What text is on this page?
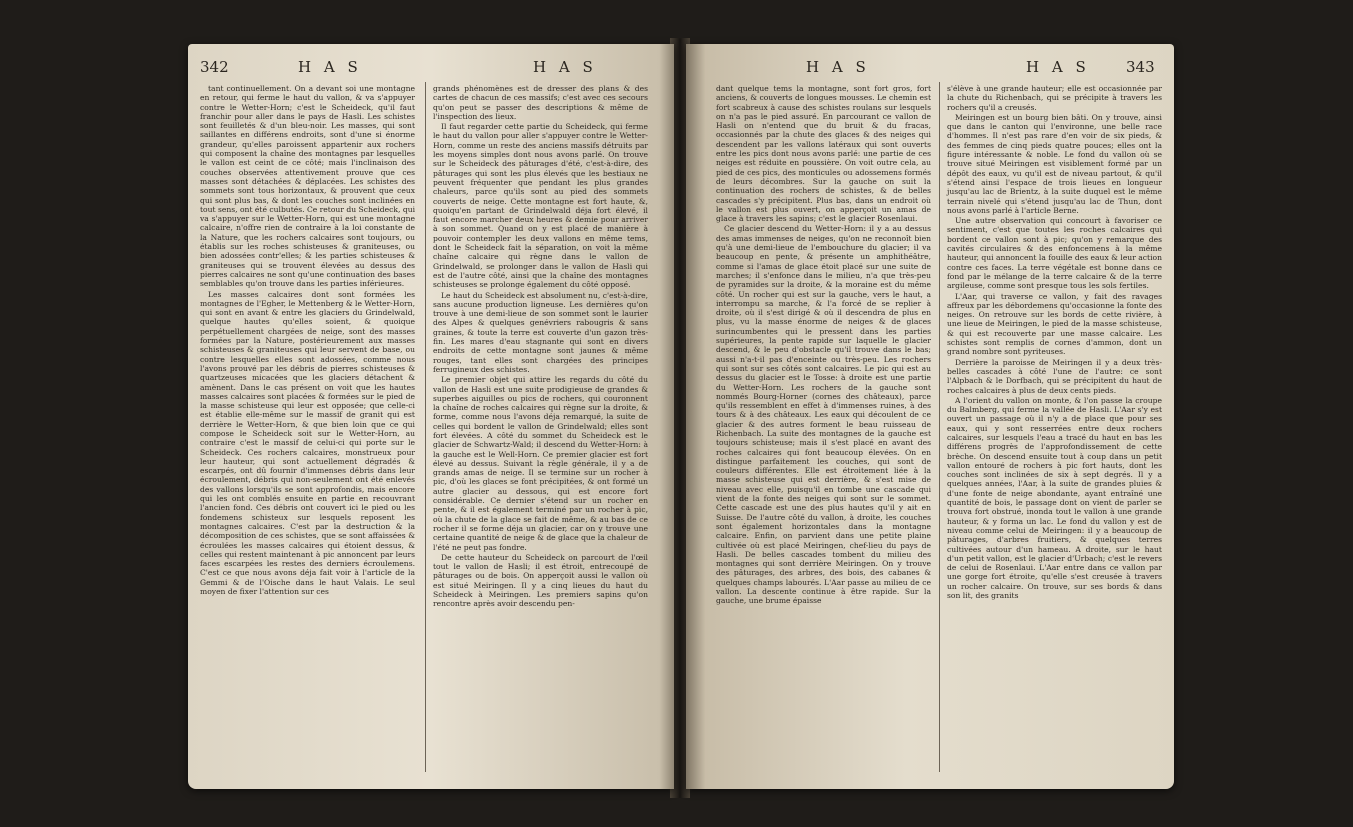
342	H A S	H A S

tant continuellement. On a devant soi une montagne en retour, qui ferme le haut du vallon, & va s'appuyer contre le Wetter-Horn; c'est le Scheideck, qu'il faut franchir pour aller dans le pays de Hasli. Les schistes sont feuilletés & d'un bleu-noir. Les masses, qui sont saillantes en différens endroits, sont d'une si énorme grandeur, qu'elles paroissent appartenir aux rochers qui composent la chaîne des montagnes par lesquelles le vallon est ceint de ce côté; mais l'inclinaison des couches observées attentivement prouve que ces masses sont détachées & déplacées. Les schistes des sommets sont tous horizontaux, & prouvent que ceux qui sont plus bas, & dont les couches sont inclinées en tout sens, ont été culbutés. Ce retour du Scheideck, qui va s'appuyer sur le Wetter-Horn, qui est une montagne calcaire, n'offre rien de contraire à la loi constante de la Nature, que les rochers calcaires sont toujours, ou établis sur les roches schisteuses & graniteuses, ou bien adossées contr'elles; & les parties schisteuses & graniteuses qui se trouvent élevées au dessus des pierres calcaires ne sont qu'une continuation des bases semblables qu'on trouve dans les parties inférieures.

Les masses calcaires dont sont formées les montagnes de l'Egher, le Mettenberg & le Wetter-Horn, qui sont en avant & entre les glaciers du Grindelwald, quelque hautes qu'elles soient, & quoique perpétuellement chargées de neige, sont des masses formées par la Nature, postérieurement aux masses schisteuses & graniteuses qui leur servent de base, ou contre lesquelles elles sont adossées, comme nous l'avons prouvé par les débris de pierres schisteuses & quartzeuses micacées que les glaciers détachent & amènent. Dans le cas présent on voit que les hautes masses calcaires sont placées & formées sur le pied de la masse schisteuse qui leur est opposée; que celle-ci est établie elle-même sur le massif de granit qui est derrière le Wetter-Horn, & que bien loin que ce qui compose le Scheideck soit sur le Wetter-Horn, au contraire c'est le massif de celui-ci qui porte sur le Scheideck. Ces rochers calcaires, monstrueux pour leur hauteur, qui sont actuellement dégradés & escarpés, ont dû fournir d'immenses débris dans leur écroulement, débris qui non-seulement ont été enlevés des vallons lorsqu'ils se sont approfondis, mais encore qui les ont comblés ensuite en partie en recouvrant l'ancien fond. Ces débris ont couvert ici le pied ou les fondemens schisteux sur lesquels reposent les montagnes calcaires. C'est par la destruction & la décomposition de ces schistes, que se sont affaissées & écroulées les masses calcaires qui étoient dessus, & celles qui restent maintenant à pic annoncent par leurs faces escarpées les restes des derniers écroulemens. C'est ce que nous avons déja fait voir à l'article de la Gemmi & de l'Oische dans le haut Valais. Le seul moyen de fixer l'attention sur ces

grands phénomènes est de dresser des plans & des cartes de chacun de ces massifs; c'est avec ces secours qu'on peut se passer des descriptions & même de l'inspection des lieux.

Il faut regarder cette partie du Scheideck, qui ferme le haut du vallon pour aller s'appuyer contre le Wetter-Horn, comme un reste des anciens massifs détruits par les moyens simples dont nous avons parlé. On trouve sur le Scheideck des pâturages d'été, c'est-à-dire, des pâturages qui sont les plus élevés que les bestiaux ne peuvent fréquenter que pendant les plus grandes chaleurs, parce qu'ils sont au pied des sommets couverts de neige. Cette montagne est fort haute, &, quoiqu'en partant de Grindelwald déja fort élevé, il faut encore marcher deux heures & demie pour arriver à son sommet. Quand on y est placé de manière à pouvoir contempler les deux vallons en même tems, dont le Scheideck fait la séparation, on voit la même chaîne calcaire qui règne dans le vallon de Grindelwald, se prolonger dans le vallon de Hasli qui est de l'autre côté, ainsi que la chaîne des montagnes schisteuses se prolonge également du côté opposé.

Le haut du Scheideck est absolument nu, c'est-à-dire, sans aucune production ligneuse. Les dernières qu'on trouve à une demi-lieue de son sommet sont le laurier des Alpes & quelques genévriers rabougris & sans graines, & toute la terre est couverte d'un gazon très-fin. Les mares d'eau stagnante qui sont en divers endroits de cette montagne sont jaunes & même rouges, tant elles sont chargées des principes ferrugineux des schistes.

Le premier objet qui attire les regards du côté du vallon de Hasli est une suite prodigieuse de grandes & superbes aiguilles ou pics de rochers, qui couronnent la chaîne de roches calcaires qui règne sur la droite, & forme, comme nous l'avons déja remarqué, la suite de celles qui bordent le vallon de Grindelwald; elles sont fort élevées. A côté du sommet du Scheideck est le glacier de Schwartz-Wald; il descend du Wetter-Horn: à la gauche est le Well-Horn. Ce premier glacier est fort élevé au dessus. Suivant la règle générale, il y a de grands amas de neige. Il se termine sur un rocher à pic, d'où les glaces se font précipitées, & ont formé un autre glacier au dessous, qui est encore fort considérable. Ce dernier s'étend sur un rocher en pente, & il est également terminé par un rocher à pic, où la chute de la glace se fait de même, & au bas de ce rocher il se forme déja un glacier, car on y trouve une certaine quantité de neige & de glace que la chaleur de l'été ne peut pas fondre.

De cette hauteur du Scheideck on parcourt de l'œil tout le vallon de Hasli; il est étroit, entrecoupé de pâturages ou de bois. On apperçoit aussi le vallon où est situé Meiringen. Il y a cinq lieues du haut du Scheideck à Meiringen. Les premiers sapins qu'on rencontre après avoir descendu pen-

H A S	H A S 343

dant quelque tems la montagne, sont fort gros, fort anciens, & couverts de longues mousses. Le chemin est fort scabreux à cause des schistes roulans sur lesquels on n'a pas le pied assuré. En parcourant ce vallon de Hasli on n'entend que du bruit & du fracas, occasionnés par la chute des glaces & des neiges qui descendent par les vallons latéraux qui sont ouverts entre les pics dont nous avons parlé: une partie de ces neiges est réduite en poussière. On voit outre cela, au pied de ces pics, des monticules ou adossemens formés de leurs décombres. Sur la gauche on suit la continuation des rochers de schistes, & de belles cascades s'y précipitent. Plus bas, dans un endroit où le vallon est plus ouvert, on apperçoit un amas de glace à travers les sapins; c'est le glacier Rosenlaui.

Ce glacier descend du Wetter-Horn: il y a au dessus des amas immenses de neiges, qu'on ne reconnoît bien qu'à une demi-lieue de l'embouchure du glacier; il va beaucoup en pente, & présente un amphithéâtre, comme si l'amas de glace étoit placé sur une suite de marches; il s'enfonce dans le milieu, n'a que très-peu de pyramides sur la droite, & la moraine est du même côté. Un rocher qui est sur la gauche, vers le haut, a interrompu sa marche, & l'a forcé de se replier à droite, où il s'est dirigé & où il descendra de plus en plus, vu la masse énorme de neiges & de glaces surincumbentes qui le pressent dans les parties supérieures, la pente rapide sur laquelle le glacier descend, & le peu d'obstacle qu'il trouve dans le bas; aussi n'a-t-il pas d'enceinte ou très-peu. Les rochers qui sont sur ses côtés sont calcaires. Le pic qui est au dessus du glacier est le Tosse: à droite est une partie du Wetter-Horn. Les rochers de la gauche sont nommés Bourg-Horner (cornes des châteaux), parce qu'ils ressemblent en effet à d'immenses ruines, à des tours & à des châteaux. Les eaux qui découlent de ce glacier & des autres forment le beau ruisseau de Richenbach. La suite des montagnes de la gauche est toujours schisteuse; mais il s'est placé en avant des roches calcaires qui font beaucoup élevées. On en distingue parfaitement les couches, qui sont de couleurs différentes. Elle est étroitement liée à la masse schisteuse qui est derrière, & s'est mise de niveau avec elle, puisqu'il en tombe une cascade qui vient de la fonte des neiges qui sont sur le sommet. Cette cascade est une des plus hautes qu'il y ait en Suisse. De l'autre côté du vallon, à droite, les couches sont également horizontales dans la montagne calcaire. Enfin, on parvient dans une petite plaine cultivée où est placé Meiringen, chef-lieu du pays de Hasli. De belles cascades tombent du milieu des montagnes qui sont derrière Meiringen. On y trouve des pâturages, des arbres, des bois, des cabanes & quelques champs labourés. L'Aar passe au milieu de ce vallon. La descente continue à être rapide. Sur la gauche, une brume épaisse

s'élève à une grande hauteur; elle est occasionnée par la chute du Richenbach, qui se précipite à travers les rochers qu'il a creusés.

Meiringen est un bourg bien bâti. On y trouve, ainsi que dans le canton qui l'environne, une belle race d'hommes. Il n'est pas rare d'en voir de six pieds, & des femmes de cinq pieds quatre pouces; elles ont la figure intéressante & noble. Le fond du vallon où se trouve situé Meiringen est visiblement formé par un dépôt des eaux, vu qu'il est de niveau partout, & qu'il s'étend ainsi l'espace de trois lieues en longueur jusqu'au lac de Brientz, à la suite duquel est le même terrain nivelé qui s'étend jusqu'au lac de Thun, dont nous avons parlé à l'article Berne.

Une autre observation qui concourt à favoriser ce sentiment, c'est que toutes les roches calcaires qui bordent ce vallon sont à pic; qu'on y remarque des cavités circulaires & des enfoncemens à la même hauteur, qui annoncent la fouille des eaux & leur action contre ces faces. La terre végétale est bonne dans ce fond par le mélange de la terre calcaire & de la terre argileuse, comme sont presque tous les sols fertiles.

L'Aar, qui traverse ce vallon, y fait des ravages affreux par les débordemens qu'occasionne la fonte des neiges. On retrouve sur les bords de cette rivière, à une lieue de Meiringen, le pied de la masse schisteuse, & qui est recouverte par une masse calcaire. Les schistes sont remplis de cornes d'ammon, dont un grand nombre sont pyriteuses.

Derrière la paroisse de Meiringen il y a deux très-belles cascades à côté l'une de l'autre: ce sont l'Alpbach & le Dorfbach, qui se précipitent du haut de roches calcaires à plus de deux cents pieds.

A l'orient du vallon on monte, & l'on passe la croupe du Balmberg, qui ferme la vallée de Hasli. L'Aar s'y est ouvert un passage où il n'y a de place que pour ses eaux, qui y sont resserrées entre deux rochers calcaires, sur lesquels l'eau a tracé du haut en bas les différens progrès de l'approfondissement de cette brèche. On descend ensuite tout à coup dans un petit vallon entouré de rochers à pic fort hauts, dont les couches sont inclinées de six à sept degrés. Il y a quelques années, l'Aar, à la suite de grandes pluies & d'une fonte de neige abondante, ayant entraîné une quantité de bois, le passage dont on vient de parler se trouva fort obstrué, inonda tout le vallon à une grande hauteur, & y forma un lac. Le fond du vallon y est de niveau comme celui de Meiringen: il y a beaucoup de pâturages, d'arbres fruitiers, & quelques terres cultivées autour d'un hameau. A droite, sur le haut d'un petit vallon, est le glacier d'Urbach; c'est le revers de celui de Rosenlaui. L'Aar entre dans ce vallon par une gorge fort étroite, qu'elle s'est creusée à travers un rocher calcaire. On trouve, sur ses bords & dans son lit, des granits
